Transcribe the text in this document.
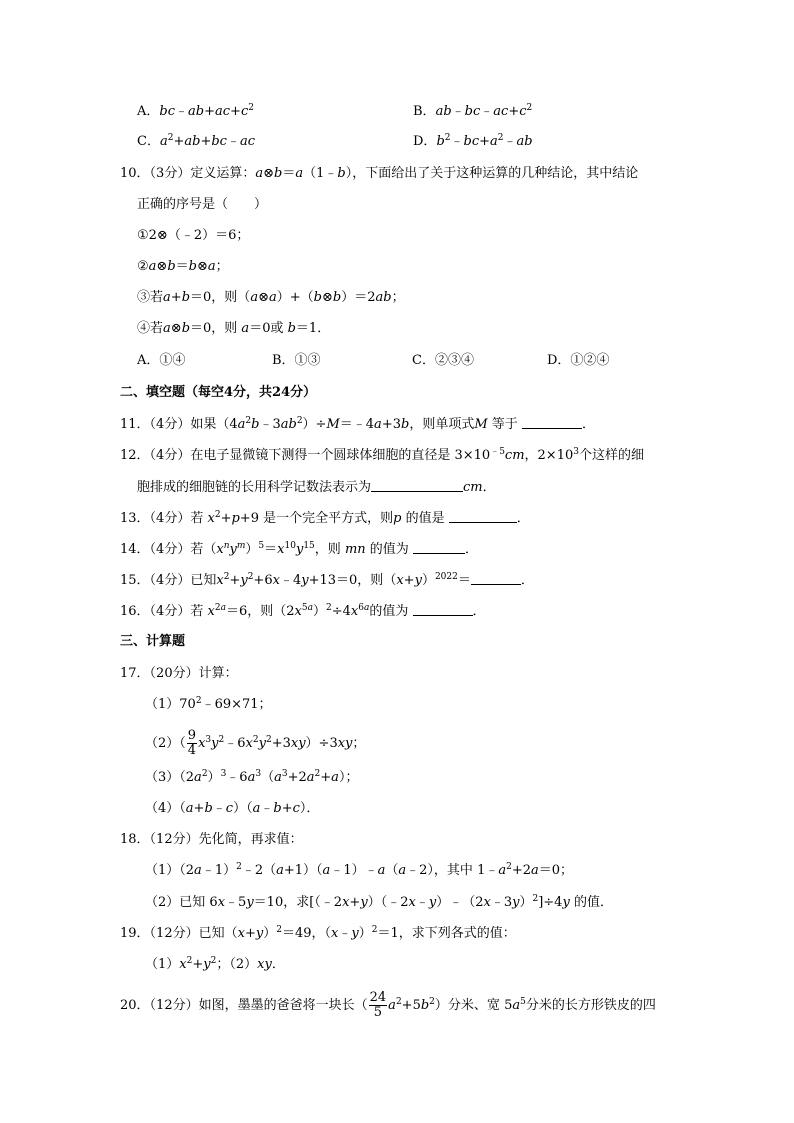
A．$bc﹣ab+ac+c^2$	B．$ab﹣bc﹣ac+c^2$
C．$a^2+ab+bc﹣ac$	D．$b^2﹣bc+a^2﹣ab$
10．（3分）定义运算：a⊗b＝a（1﹣b），下面给出了关于这种运算的几种结论，其中结论
正确的序号是（　　）
①2⊗（﹣2）＝6；
②a⊗b＝b⊗a；
③若a+b＝0，则（a⊗a）+（b⊗b）＝2ab；
④若a⊗b＝0，则 a＝0或 b＝1．
A．①④	B．①③	C．②③④	D．①②④
二、填空题（每空4分，共24分）
11．（4分）如果$(4a^2b﹣3ab^2)\div M=﹣4a+3b$，则单项式M 等于	．
12．（4分）在电子显微镜下测得一个圆球体细胞的直径是 $3\times 10^{﹣5}cm$，$2\times 10^3$个这样的细
胞排成的细胞链的长用科学记数法表示为	cm．
13．（4分）若 $x^2+p+9$ 是一个完全平方式，则p 的值是	．
14．（4分）若$(x^ny^m)^5=x^{10}y^{15}$，则 mn 的值为	．
15．（4分）已知$x^2+y^2+6x﹣4y+13=0$，则$(x+y)^{2022}=$	．
16．（4分）若 $x^{2a}=6$，则$(2x^{5a})^2\div 4x^{6a}$的值为	．
三、计算题
17．（20分）计算：
$(1)70^2﹣69\times 71$；
$(2)( \frac{9}{4}$ $x^3y^2﹣6x^2y^2+3xy)\div 3xy$；
$(3)(2a^2)^3﹣6a^3(a^3+2a^2+a)$；
（4）（a+b﹣c）（a﹣b+c）．
18．（12分）先化简，再求值：
（1）（2a﹣1）$^2$﹣2（a+1）（a﹣1）﹣a（a﹣2），其中 $1﹣a^2+2a=0$；
（2）已知 6x﹣5y＝10，求[（﹣2x+y）（﹣2x﹣y）﹣（2x﹣3y）$^2$]÷4y 的值．
19．（12分）已知$(x+y)^2=49$，（x﹣y）$^2$＝1，求下列各式的值：
$(1)x^2+y^2$；（2）xy．
20．（12分）如图，墨墨的爸爸将一块长（ $\frac{24}{5} a^2+5b^2$）分米、宽 $5a^5$分米的长方形铁皮的四
